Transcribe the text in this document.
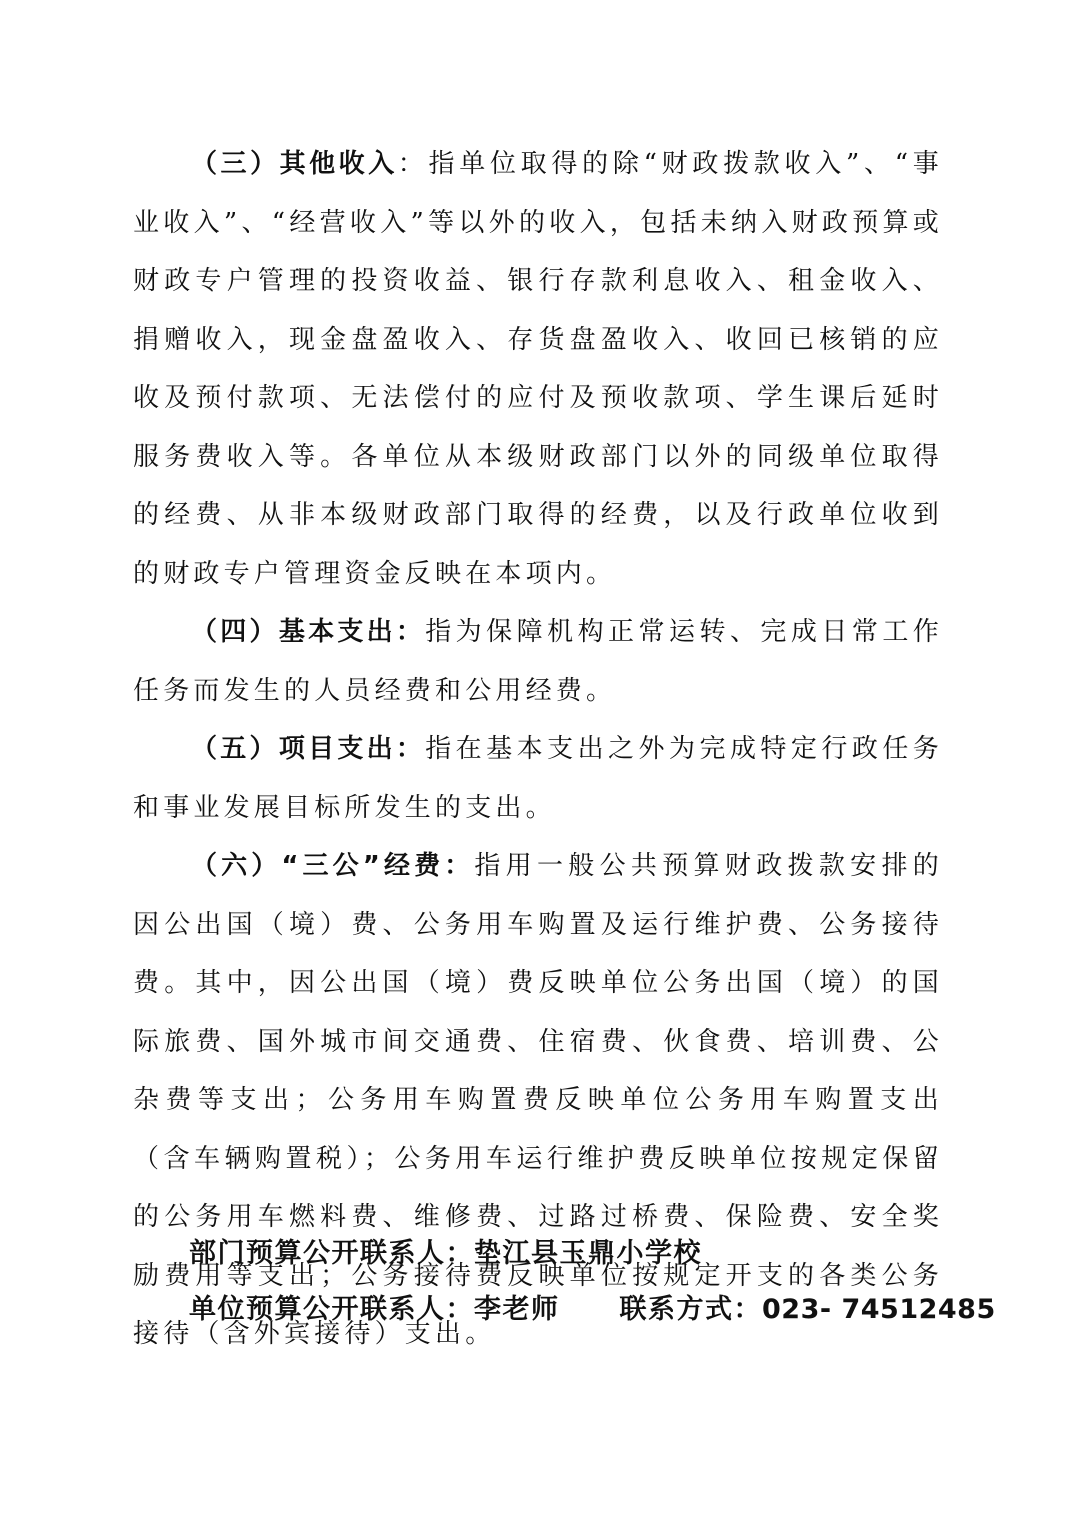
（三）其他收入：指单位取得的除“财政拨款收入”、“事业收入”、“经营收入”等以外的收入，包括未纳入财政预算或财政专户管理的投资收益、银行存款利息收入、租金收入、捐赠收入，现金盘盈收入、存货盘盈收入、收回已核销的应收及预付款项、无法偿付的应付及预收款项、学生课后延时服务费收入等。各单位从本级财政部门以外的同级单位取得的经费、从非本级财政部门取得的经费，以及行政单位收到的财政专户管理资金反映在本项内。

（四）基本支出：指为保障机构正常运转、完成日常工作任务而发生的人员经费和公用经费。

（五）项目支出：指在基本支出之外为完成特定行政任务和事业发展目标所发生的支出。

（六）“三公”经费：指用一般公共预算财政拨款安排的因公出国（境）费、公务用车购置及运行维护费、公务接待费。其中，因公出国（境）费反映单位公务出国（境）的国际旅费、国外城市间交通费、住宿费、伙食费、培训费、公杂费等支出；公务用车购置费反映单位公务用车购置支出（含车辆购置税）；公务用车运行维护费反映单位按规定保留的公务用车燃料费、维修费、过路过桥费、保险费、安全奖励费用等支出；公务接待费反映单位按规定开支的各类公务接待（含外宾接待）支出。

部门预算公开联系人：垫江县玉鼎小学校
单位预算公开联系人：李老师 联系方式：023- 74512485
